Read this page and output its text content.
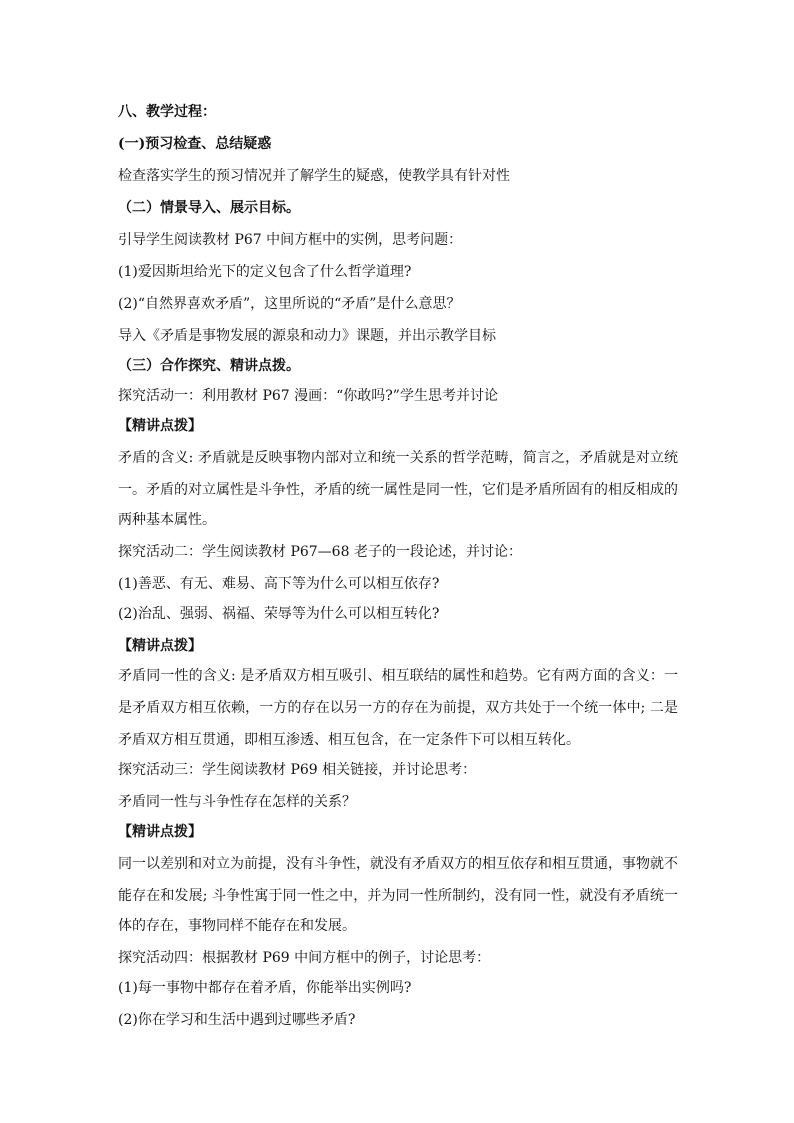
八、教学过程：
(一)预习检查、总结疑惑
检查落实学生的预习情况并了解学生的疑惑，使教学具有针对性
（二）情景导入、展示目标。
引导学生阅读教材 P67 中间方框中的实例，思考问题：
(1)爱因斯坦给光下的定义包含了什么哲学道理?
(2)“自然界喜欢矛盾”，这里所说的“矛盾”是什么意思？
导入《矛盾是事物发展的源泉和动力》课题，并出示教学目标
（三）合作探究、精讲点拨。
探究活动一：利用教材 P67 漫画：“你敢吗?”学生思考并讨论
【精讲点拨】
矛盾的含义: 矛盾就是反映事物内部对立和统一关系的哲学范畴，简言之，矛盾就是对立统
一。矛盾的对立属性是斗争性，矛盾的统一属性是同一性，它们是矛盾所固有的相反相成的
两种基本属性。
探究活动二：学生阅读教材 P67—68 老子的一段论述，并讨论：
(1)善恶、有无、难易、高下等为什么可以相互依存?
(2)治乱、强弱、祸福、荣辱等为什么可以相互转化?
【精讲点拨】
矛盾同一性的含义: 是矛盾双方相互吸引、相互联结的属性和趋势。它有两方面的含义：一
是矛盾双方相互依赖，一方的存在以另一方的存在为前提，双方共处于一个统一体中; 二是
矛盾双方相互贯通，即相互渗透、相互包含，在一定条件下可以相互转化。
探究活动三：学生阅读教材 P69 相关链接，并讨论思考：
矛盾同一性与斗争性存在怎样的关系？
【精讲点拨】
同一以差别和对立为前提，没有斗争性，就没有矛盾双方的相互依存和相互贯通，事物就不
能存在和发展; 斗争性寓于同一性之中，并为同一性所制约，没有同一性，就没有矛盾统一
体的存在，事物同样不能存在和发展。
探究活动四：根据教材 P69 中间方框中的例子，讨论思考：
(1)每一事物中都存在着矛盾，你能举出实例吗?
(2)你在学习和生活中遇到过哪些矛盾?
